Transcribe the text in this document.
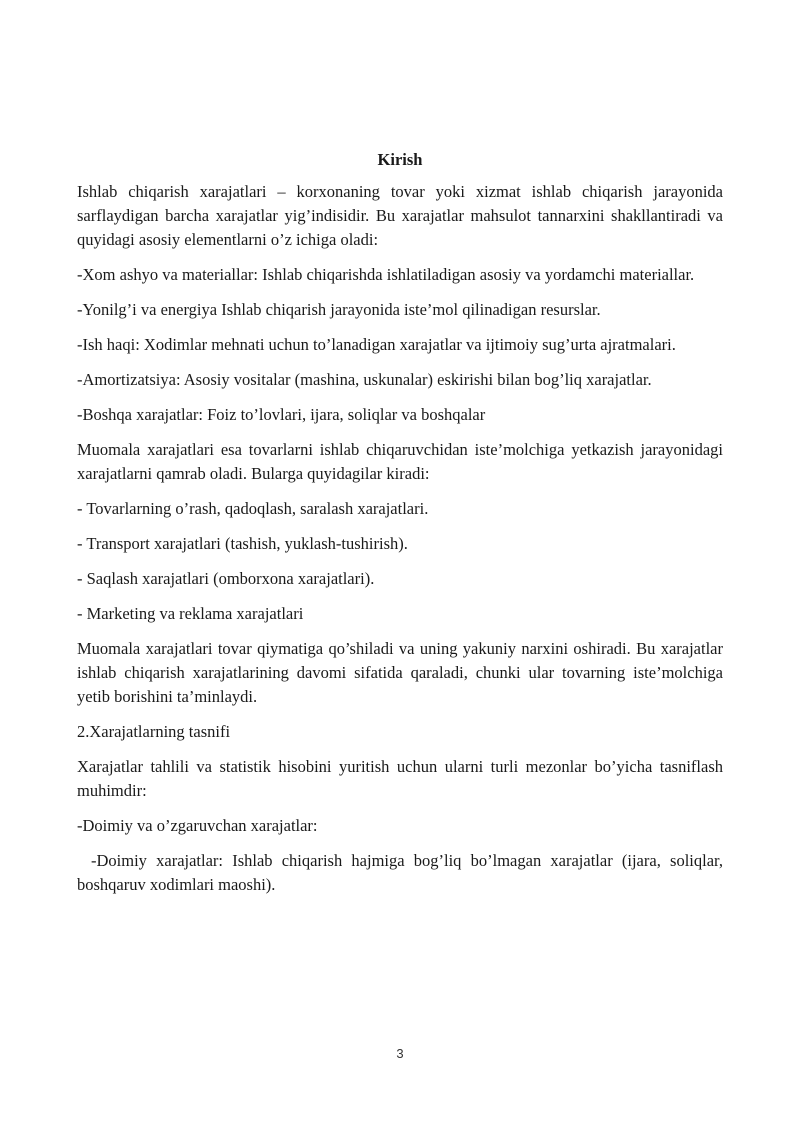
Kirish

Ishlab chiqarish xarajatlari – korxonaning tovar yoki xizmat ishlab chiqarish jarayonida sarflaydigan barcha xarajatlar yig’indisidir. Bu xarajatlar mahsulot tannarxini shakllantiradi va quyidagi asosiy elementlarni o’z ichiga oladi:

-Xom ashyo va materiallar: Ishlab chiqarishda ishlatiladigan asosiy va yordamchi materiallar.

-Yonilg’i va energiya Ishlab chiqarish jarayonida iste’mol qilinadigan resurslar.

-Ish haqi: Xodimlar mehnati uchun to’lanadigan xarajatlar va ijtimoiy sug’urta ajratmalari.

-Amortizatsiya: Asosiy vositalar (mashina, uskunalar) eskirishi bilan bog’liq xarajatlar.

-Boshqa xarajatlar: Foiz to’lovlari, ijara, soliqlar va boshqalar

Muomala xarajatlari esa tovarlarni ishlab chiqaruvchidan iste’molchiga yetkazish jarayonidagi xarajatlarni qamrab oladi. Bularga quyidagilar kiradi:

- Tovarlarning o’rash, qadoqlash, saralash xarajatlari.

- Transport xarajatlari (tashish, yuklash-tushirish).

- Saqlash xarajatlari (omborxona xarajatlari).

- Marketing va reklama xarajatlari

Muomala xarajatlari tovar qiymatiga qo’shiladi va uning yakuniy narxini oshiradi. Bu xarajatlar ishlab chiqarish xarajatlarining davomi sifatida qaraladi, chunki ular tovarning iste’molchiga yetib borishini ta’minlaydi.

2.Xarajatlarning tasnifi

Xarajatlar tahlili va statistik hisobini yuritish uchun ularni turli mezonlar bo’yicha tasniflash muhimdir:

-Doimiy va o’zgaruvchan xarajatlar:

-Doimiy xarajatlar: Ishlab chiqarish hajmiga bog’liq bo’lmagan xarajatlar (ijara, soliqlar, boshqaruv xodimlari maoshi).

3
